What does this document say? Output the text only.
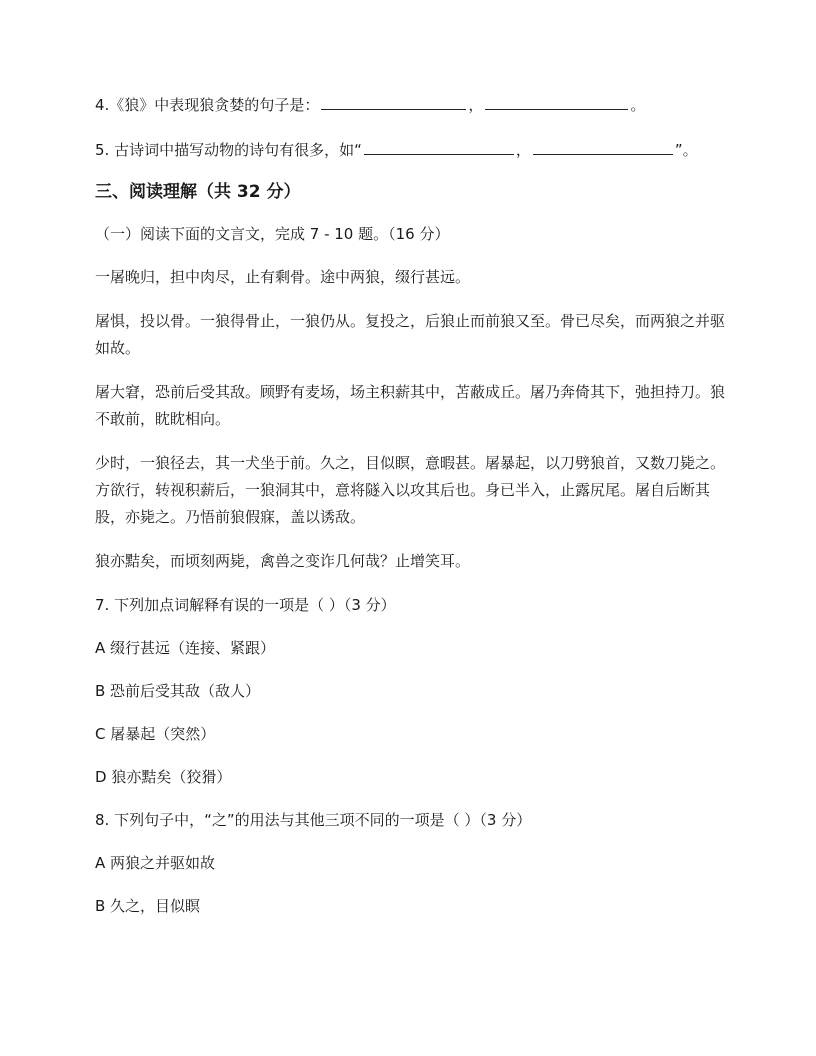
4.《狼》中表现狼贪婪的句子是：	，	。

5. 古诗词中描写动物的诗句有很多，如“	，	”。

三、阅读理解（共 32 分）

（一）阅读下面的文言文，完成 7 - 10 题。（16 分）

一屠晚归，担中肉尽，止有剩骨。途中两狼，缀行甚远。

屠惧，投以骨。一狼得骨止，一狼仍从。复投之，后狼止而前狼又至。骨已尽矣，而两狼之并驱如故。

屠大窘，恐前后受其敌。顾野有麦场，场主积薪其中，苫蔽成丘。屠乃奔倚其下，弛担持刀。狼不敢前，眈眈相向。

少时，一狼径去，其一犬坐于前。久之，目似瞑，意暇甚。屠暴起，以刀劈狼首，又数刀毙之。方欲行，转视积薪后，一狼洞其中，意将隧入以攻其后也。身已半入，止露尻尾。屠自后断其股，亦毙之。乃悟前狼假寐，盖以诱敌。

狼亦黠矣，而顷刻两毙，禽兽之变诈几何哉？止增笑耳。

7. 下列加点词解释有误的一项是（ ）（3 分）

A 缀行甚远（连接、紧跟）

B 恐前后受其敌（敌人）

C 屠暴起（突然）

D 狼亦黠矣（狡猾）

8. 下列句子中，“之”的用法与其他三项不同的一项是（ ）（3 分）

A 两狼之并驱如故

B 久之，目似瞑
